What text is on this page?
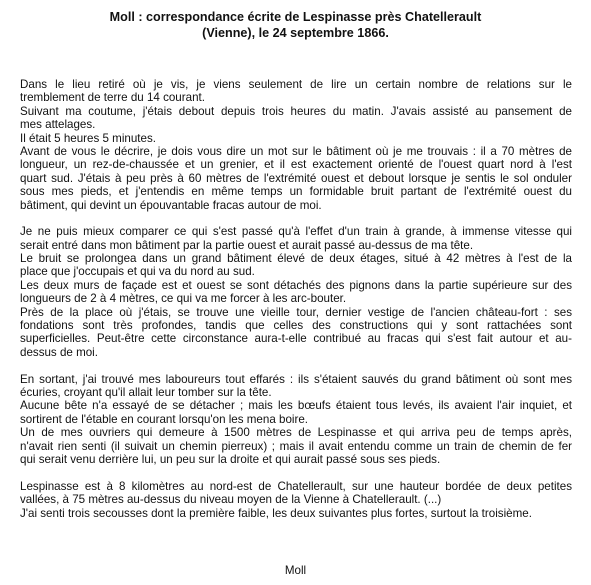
Moll : correspondance écrite de Lespinasse près Chatellerault
(Vienne), le 24 septembre 1866.
Dans le lieu retiré où je vis, je viens seulement de lire un certain nombre de relations sur le
tremblement de terre du 14 courant.
Suivant ma coutume, j'étais debout depuis trois heures du matin. J'avais assisté au pansement de
mes attelages.
Il était 5 heures 5 minutes.
Avant de vous le décrire, je dois vous dire un mot sur le bâtiment où je me trouvais : il a 70 mètres de
longueur, un rez-de-chaussée et un grenier, et il est exactement orienté de l'ouest quart nord à l'est
quart sud. J'étais à peu près à 60 mètres de l'extrémité ouest et debout lorsque je sentis le sol onduler
sous mes pieds, et j'entendis en même temps un formidable bruit partant de l'extrémité ouest du
bâtiment, qui devint un épouvantable fracas autour de moi.
Je ne puis mieux comparer ce qui s'est passé qu'à l'effet d'un train à grande, à immense vitesse qui
serait entré dans mon bâtiment par la partie ouest et aurait passé au-dessus de ma tête.
Le bruit se prolongea dans un grand bâtiment élevé de deux étages, situé à 42 mètres à l'est de la
place que j'occupais et qui va du nord au sud.
Les deux murs de façade est et ouest se sont détachés des pignons dans la partie supérieure sur des
longueurs de 2 à 4 mètres, ce qui va me forcer à les arc-bouter.
Près de la place où j'étais, se trouve une vieille tour, dernier vestige de l'ancien château-fort : ses
fondations sont très profondes, tandis que celles des constructions qui y sont rattachées sont
superficielles. Peut-être cette circonstance aura-t-elle contribué au fracas qui s'est fait autour et au-
dessus de moi.
En sortant, j'ai trouvé mes laboureurs tout effarés : ils s'étaient sauvés du grand bâtiment où sont mes
écuries, croyant qu'il allait leur tomber sur la tête.
Aucune bête n'a essayé de se détacher ; mais les bœufs étaient tous levés, ils avaient l'air inquiet, et
sortirent de l'étable en courant lorsqu'on les mena boire.
Un de mes ouvriers qui demeure à 1500 mètres de Lespinasse et qui arriva peu de temps après,
n'avait rien senti (il suivait un chemin pierreux) ; mais il avait entendu comme un train de chemin de fer
qui serait venu derrière lui, un peu sur la droite et qui aurait passé sous ses pieds.
Lespinasse est à 8 kilomètres au nord-est de Chatellerault, sur une hauteur bordée de deux petites
vallées, à 75 mètres au-dessus du niveau moyen de la Vienne à Chatellerault. (...)
J'ai senti trois secousses dont la première faible, les deux suivantes plus fortes, surtout la troisième.
Moll
